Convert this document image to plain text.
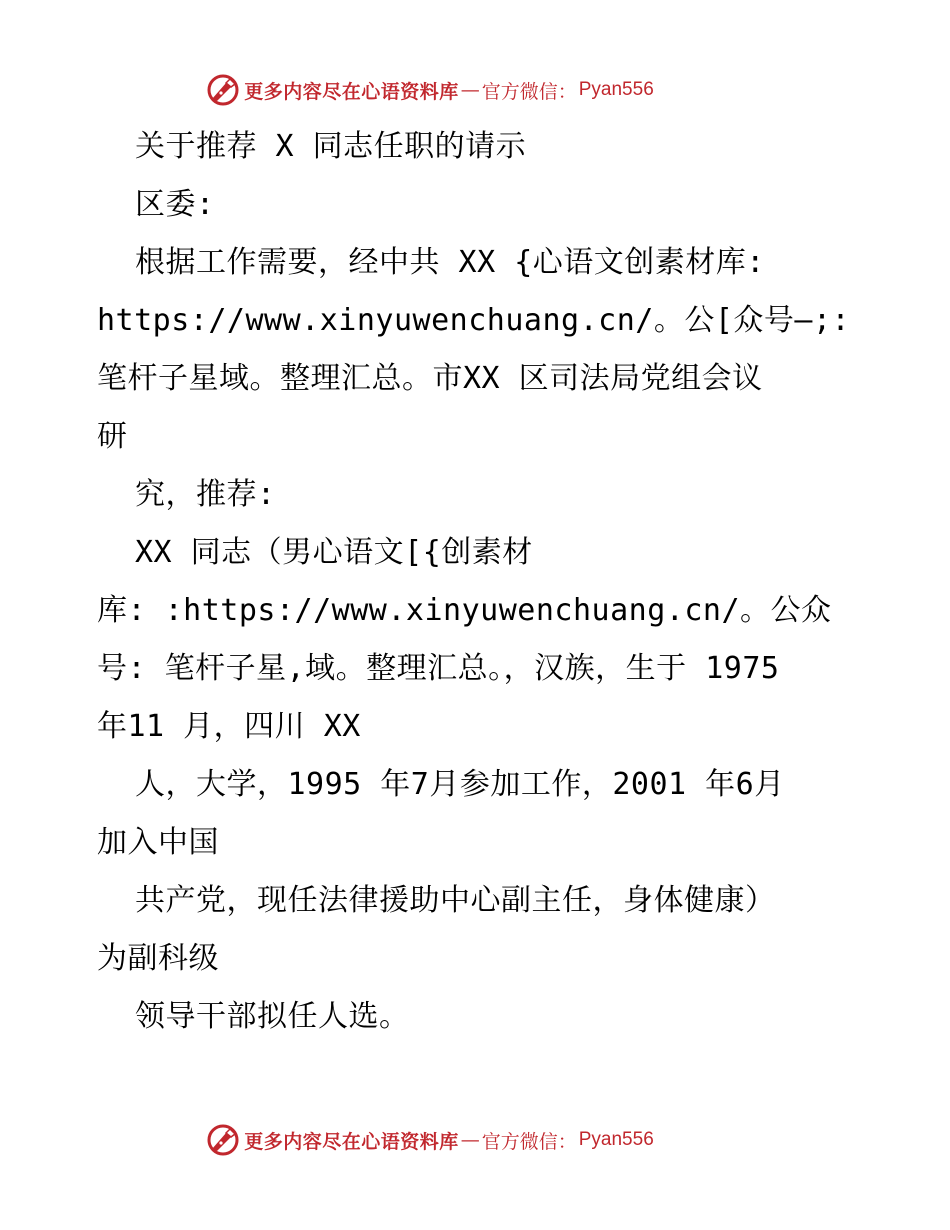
更多内容尽在心语资料库 — 官方微信： Pyan556
关于推荐 X 同志任职的请示
区委:
根据工作需要，经中共 XX {心语文创素材库:
https://www.xinyuwenchuang.cn/。公[众号—;:
笔杆子星域。整理汇总。市XX 区司法局党组会议
研
究，推荐:
XX 同志（男心语文[{创素材
库: :https://www.xinyuwenchuang.cn/。公众
号: 笔杆子星,域。整理汇总。，汉族，生于 1975
年11 月，四川 XX
人，大学，1995 年7月参加工作，2001 年6月
加入中国
共产党，现任法律援助中心副主任，身体健康）
为副科级
领导干部拟任人选。
更多内容尽在心语资料库 — 官方微信： Pyan556
